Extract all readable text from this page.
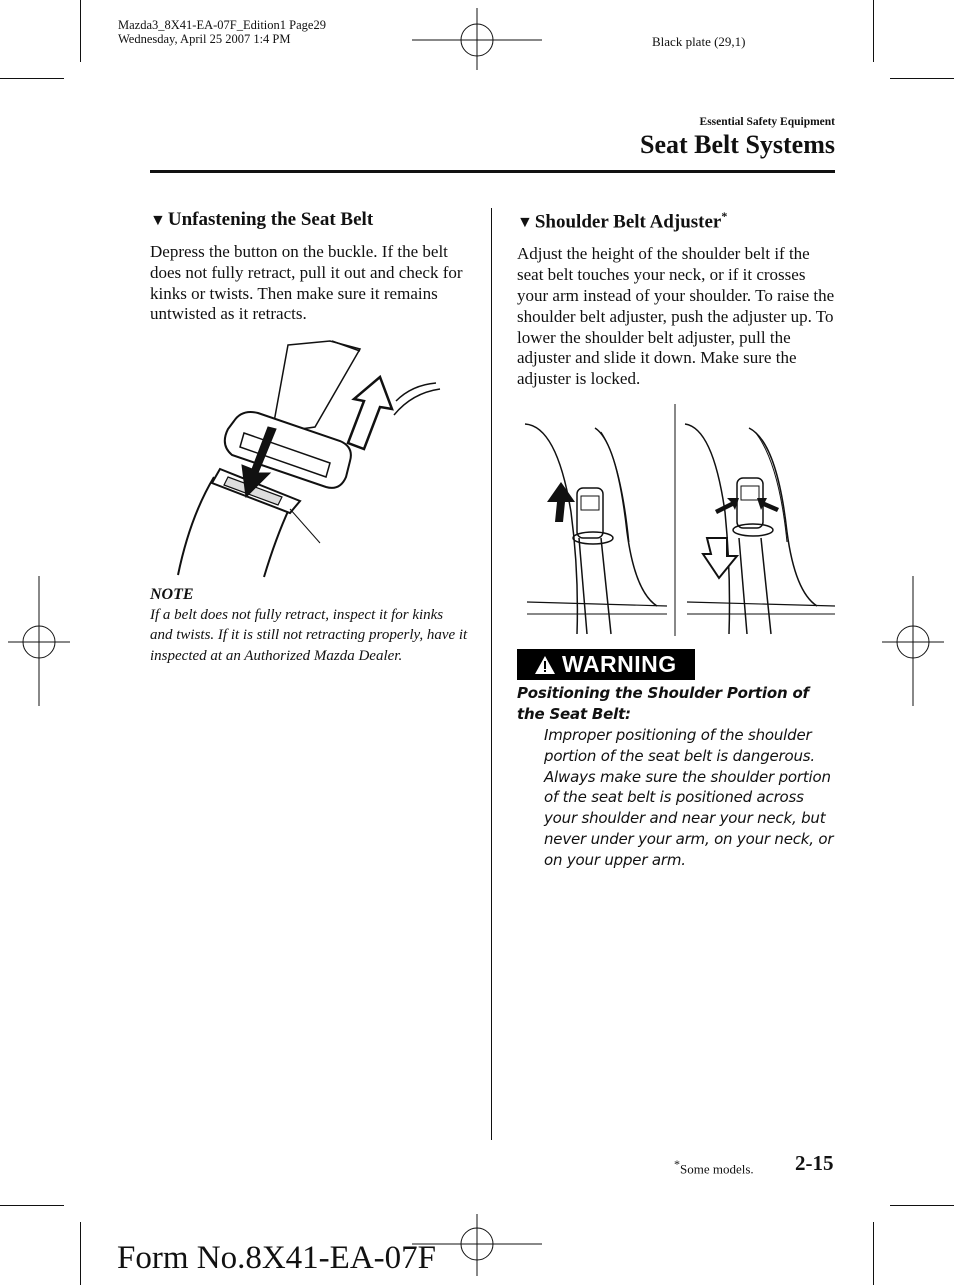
Mazda3_8X41-EA-07F_Edition1 Page29
Wednesday, April 25 2007 1:4 PM	Black plate (29,1)
Essential Safety Equipment
Seat Belt Systems
▼ Unfastening the Seat Belt

Depress the button on the buckle. If the belt does not fully retract, pull it out and check for kinks or twists. Then make sure it remains untwisted as it retracts.

NOTE

If a belt does not fully retract, inspect it for kinks and twists. If it is still not retracting properly, have it inspected at an Authorized Mazda Dealer.

▼ Shoulder Belt Adjuster*

Adjust the height of the shoulder belt if the seat belt touches your neck, or if it crosses your arm instead of your shoulder. To raise the shoulder belt adjuster, push the adjuster up. To lower the shoulder belt adjuster, pull the adjuster and slide it down. Make sure the adjuster is locked.

WARNING

Positioning the Shoulder Portion of the Seat Belt:

Improper positioning of the shoulder portion of the seat belt is dangerous. Always make sure the shoulder portion of the seat belt is positioned across your shoulder and near your neck, but never under your arm, on your neck, or on your upper arm.

*Some models. 2-15
Form No.8X41-EA-07F
